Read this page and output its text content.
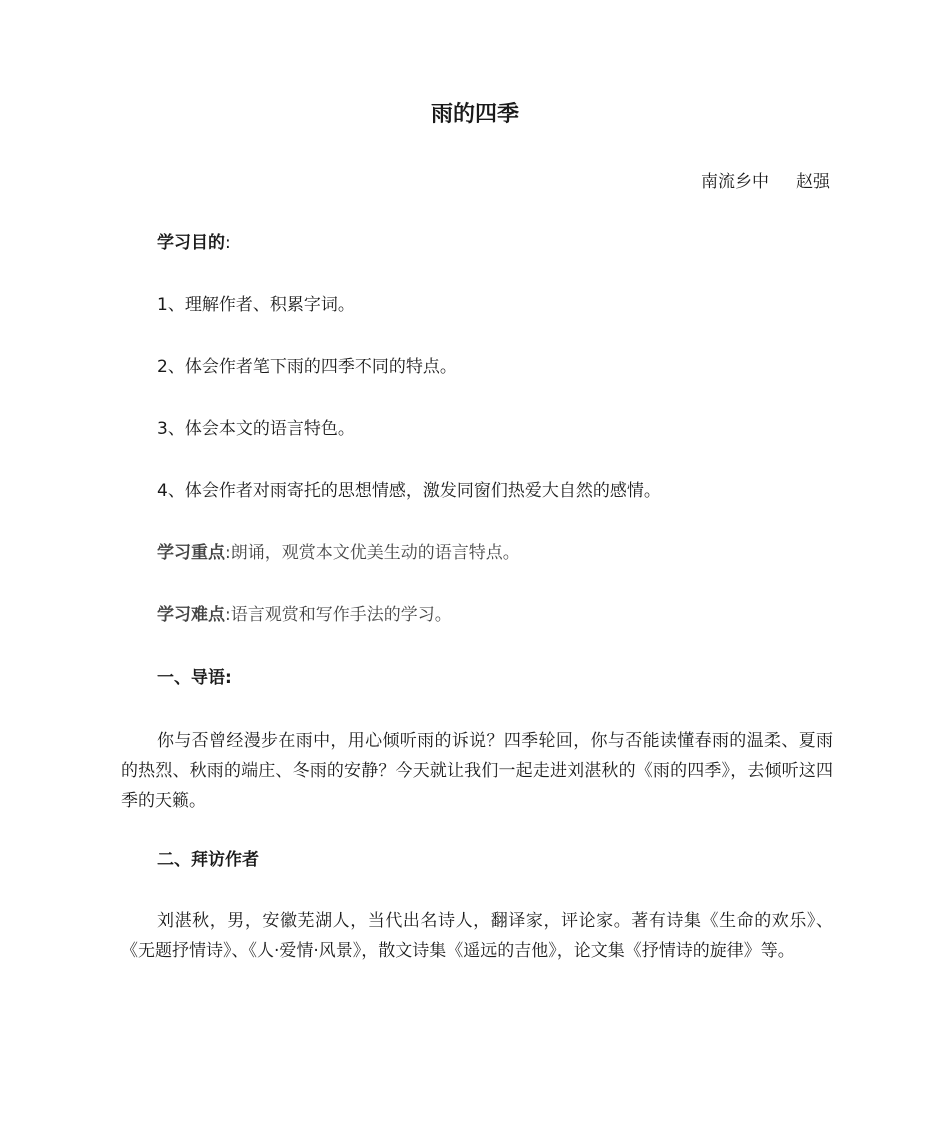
雨的四季
南流乡中     赵强
学习目的:
1、理解作者、积累字词。
2、体会作者笔下雨的四季不同的特点。
3、体会本文的语言特色。
4、体会作者对雨寄托的思想情感，激发同窗们热爱大自然的感情。
学习重点:朗诵，观赏本文优美生动的语言特点。
学习难点:语言观赏和写作手法的学习。
一、导语:
你与否曾经漫步在雨中，用心倾听雨的诉说？四季轮回，你与否能读懂春雨的温柔、夏雨的热烈、秋雨的端庄、冬雨的安静？今天就让我们一起走进刘湛秋的《雨的四季》，去倾听这四季的天籁。
二、拜访作者
刘湛秋，男，安徽芜湖人，当代出名诗人，翻译家，评论家。著有诗集《生命的欢乐》、《无题抒情诗》、《人·爱情·风景》，散文诗集《遥远的吉他》，论文集《抒情诗的旋律》等。
